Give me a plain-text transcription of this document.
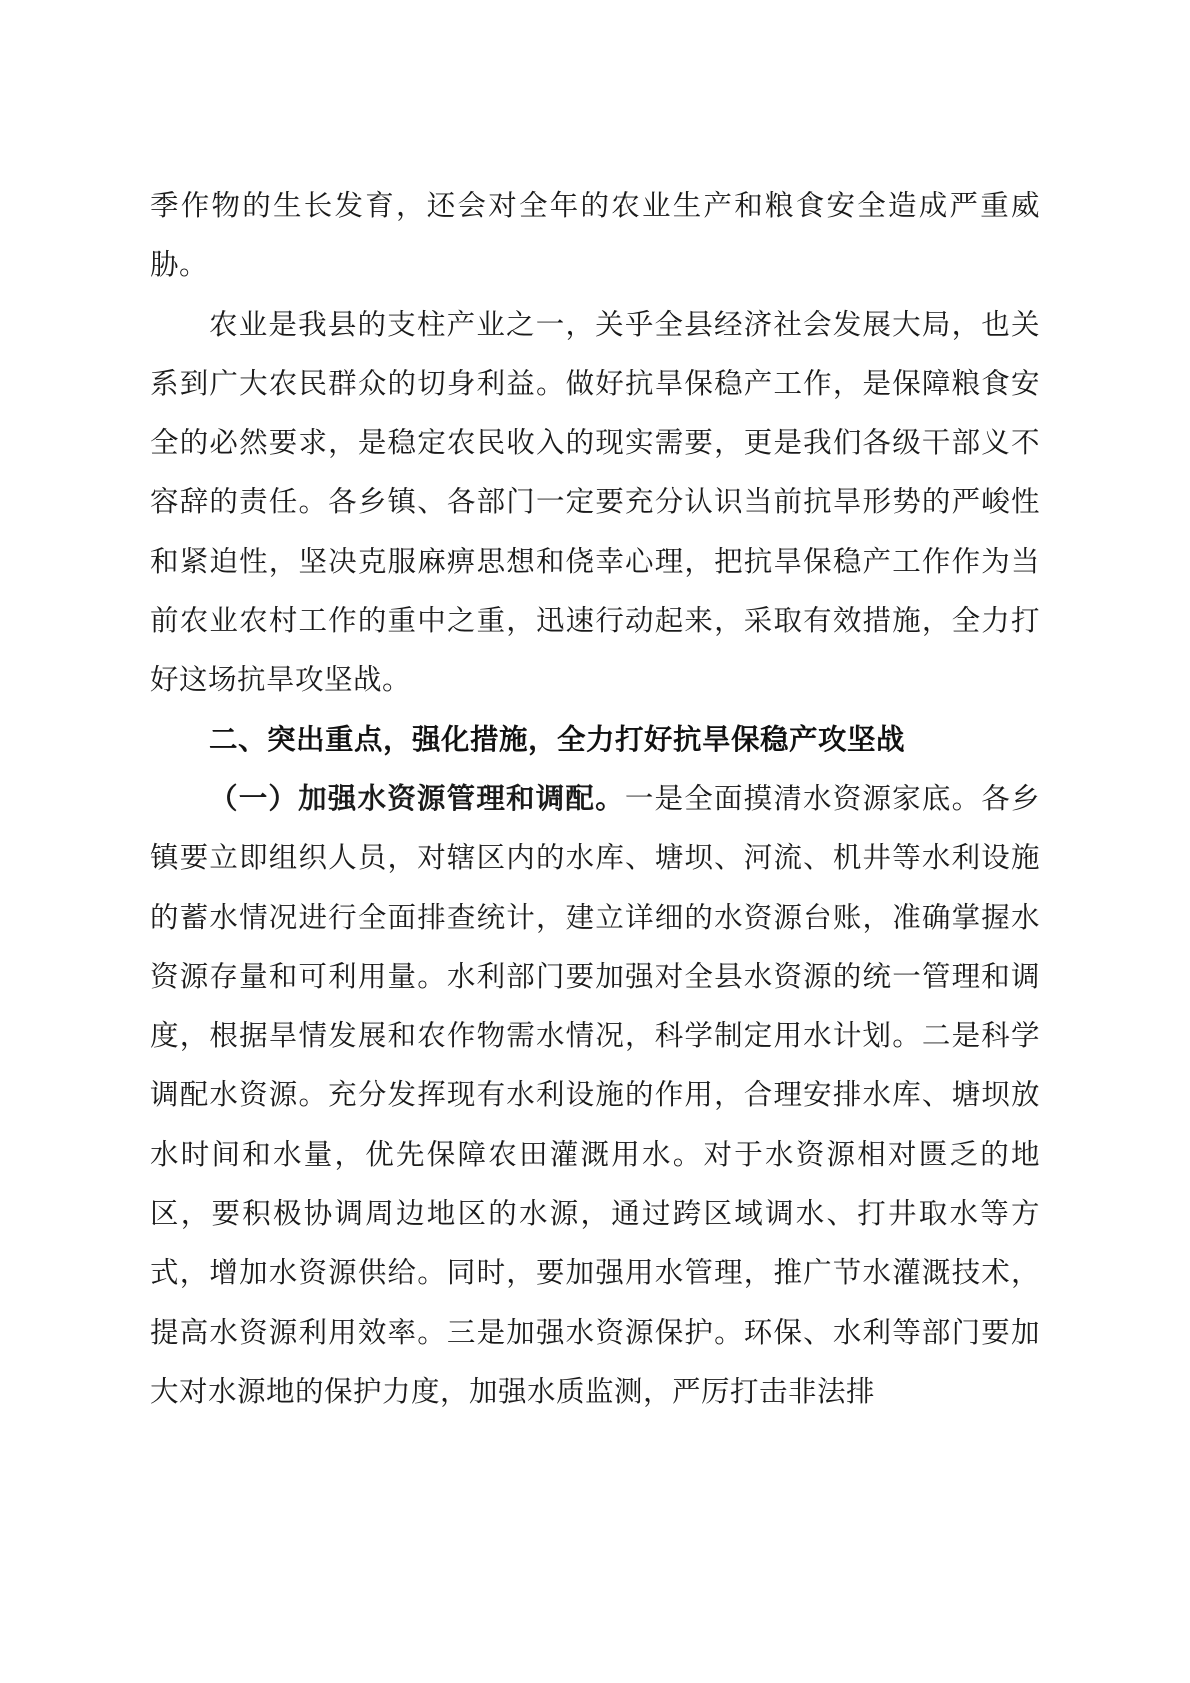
季作物的生长发育，还会对全年的农业生产和粮食安全造成严重威胁。

农业是我县的支柱产业之一，关乎全县经济社会发展大局，也关系到广大农民群众的切身利益。做好抗旱保稳产工作，是保障粮食安全的必然要求，是稳定农民收入的现实需要，更是我们各级干部义不容辞的责任。各乡镇、各部门一定要充分认识当前抗旱形势的严峻性和紧迫性，坚决克服麻痹思想和侥幸心理，把抗旱保稳产工作作为当前农业农村工作的重中之重，迅速行动起来，采取有效措施，全力打好这场抗旱攻坚战。

二、突出重点，强化措施，全力打好抗旱保稳产攻坚战

（一）加强水资源管理和调配。一是全面摸清水资源家底。各乡镇要立即组织人员，对辖区内的水库、塘坝、河流、机井等水利设施的蓄水情况进行全面排查统计，建立详细的水资源台账，准确掌握水资源存量和可利用量。水利部门要加强对全县水资源的统一管理和调度，根据旱情发展和农作物需水情况，科学制定用水计划。二是科学调配水资源。充分发挥现有水利设施的作用，合理安排水库、塘坝放水时间和水量，优先保障农田灌溉用水。对于水资源相对匮乏的地区，要积极协调周边地区的水源，通过跨区域调水、打井取水等方式，增加水资源供给。同时，要加强用水管理，推广节水灌溉技术，提高水资源利用效率。三是加强水资源保护。环保、水利等部门要加大对水源地的保护力度，加强水质监测，严厉打击非法排
